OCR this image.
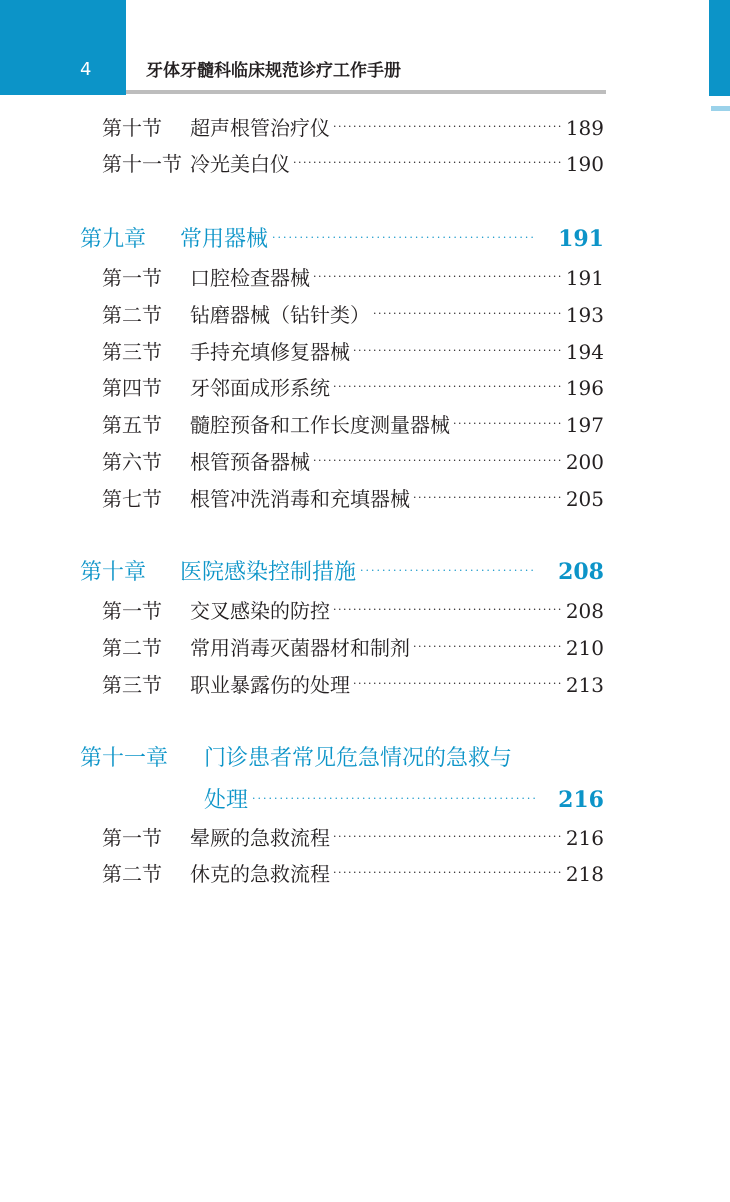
4	牙体牙髓科临床规范诊疗工作手册
第十节	超声根管治疗仪 ·····	189
第十一节 冷光美白仪 ·····	190
第九章	常用器械 ·····	191
第一节	口腔检查器械 ·····	191
第二节	钻磨器械（钻针类） ·····	193
第三节	手持充填修复器械 ·····	194
第四节	牙邻面成形系统 ·····	196
第五节	髓腔预备和工作长度测量器械 ·····	197
第六节	根管预备器械 ·····	200
第七节	根管冲洗消毒和充填器械 ·····	205
第十章	医院感染控制措施 ·····	208
第一节	交叉感染的防控 ·····	208
第二节	常用消毒灭菌器材和制剂 ·····	210
第三节	职业暴露伤的处理 ·····	213
第十一章	门诊患者常见危急情况的急救与
处理 ·····	216
第一节	晕厥的急救流程 ·····	216
第二节	休克的急救流程 ·····	218
